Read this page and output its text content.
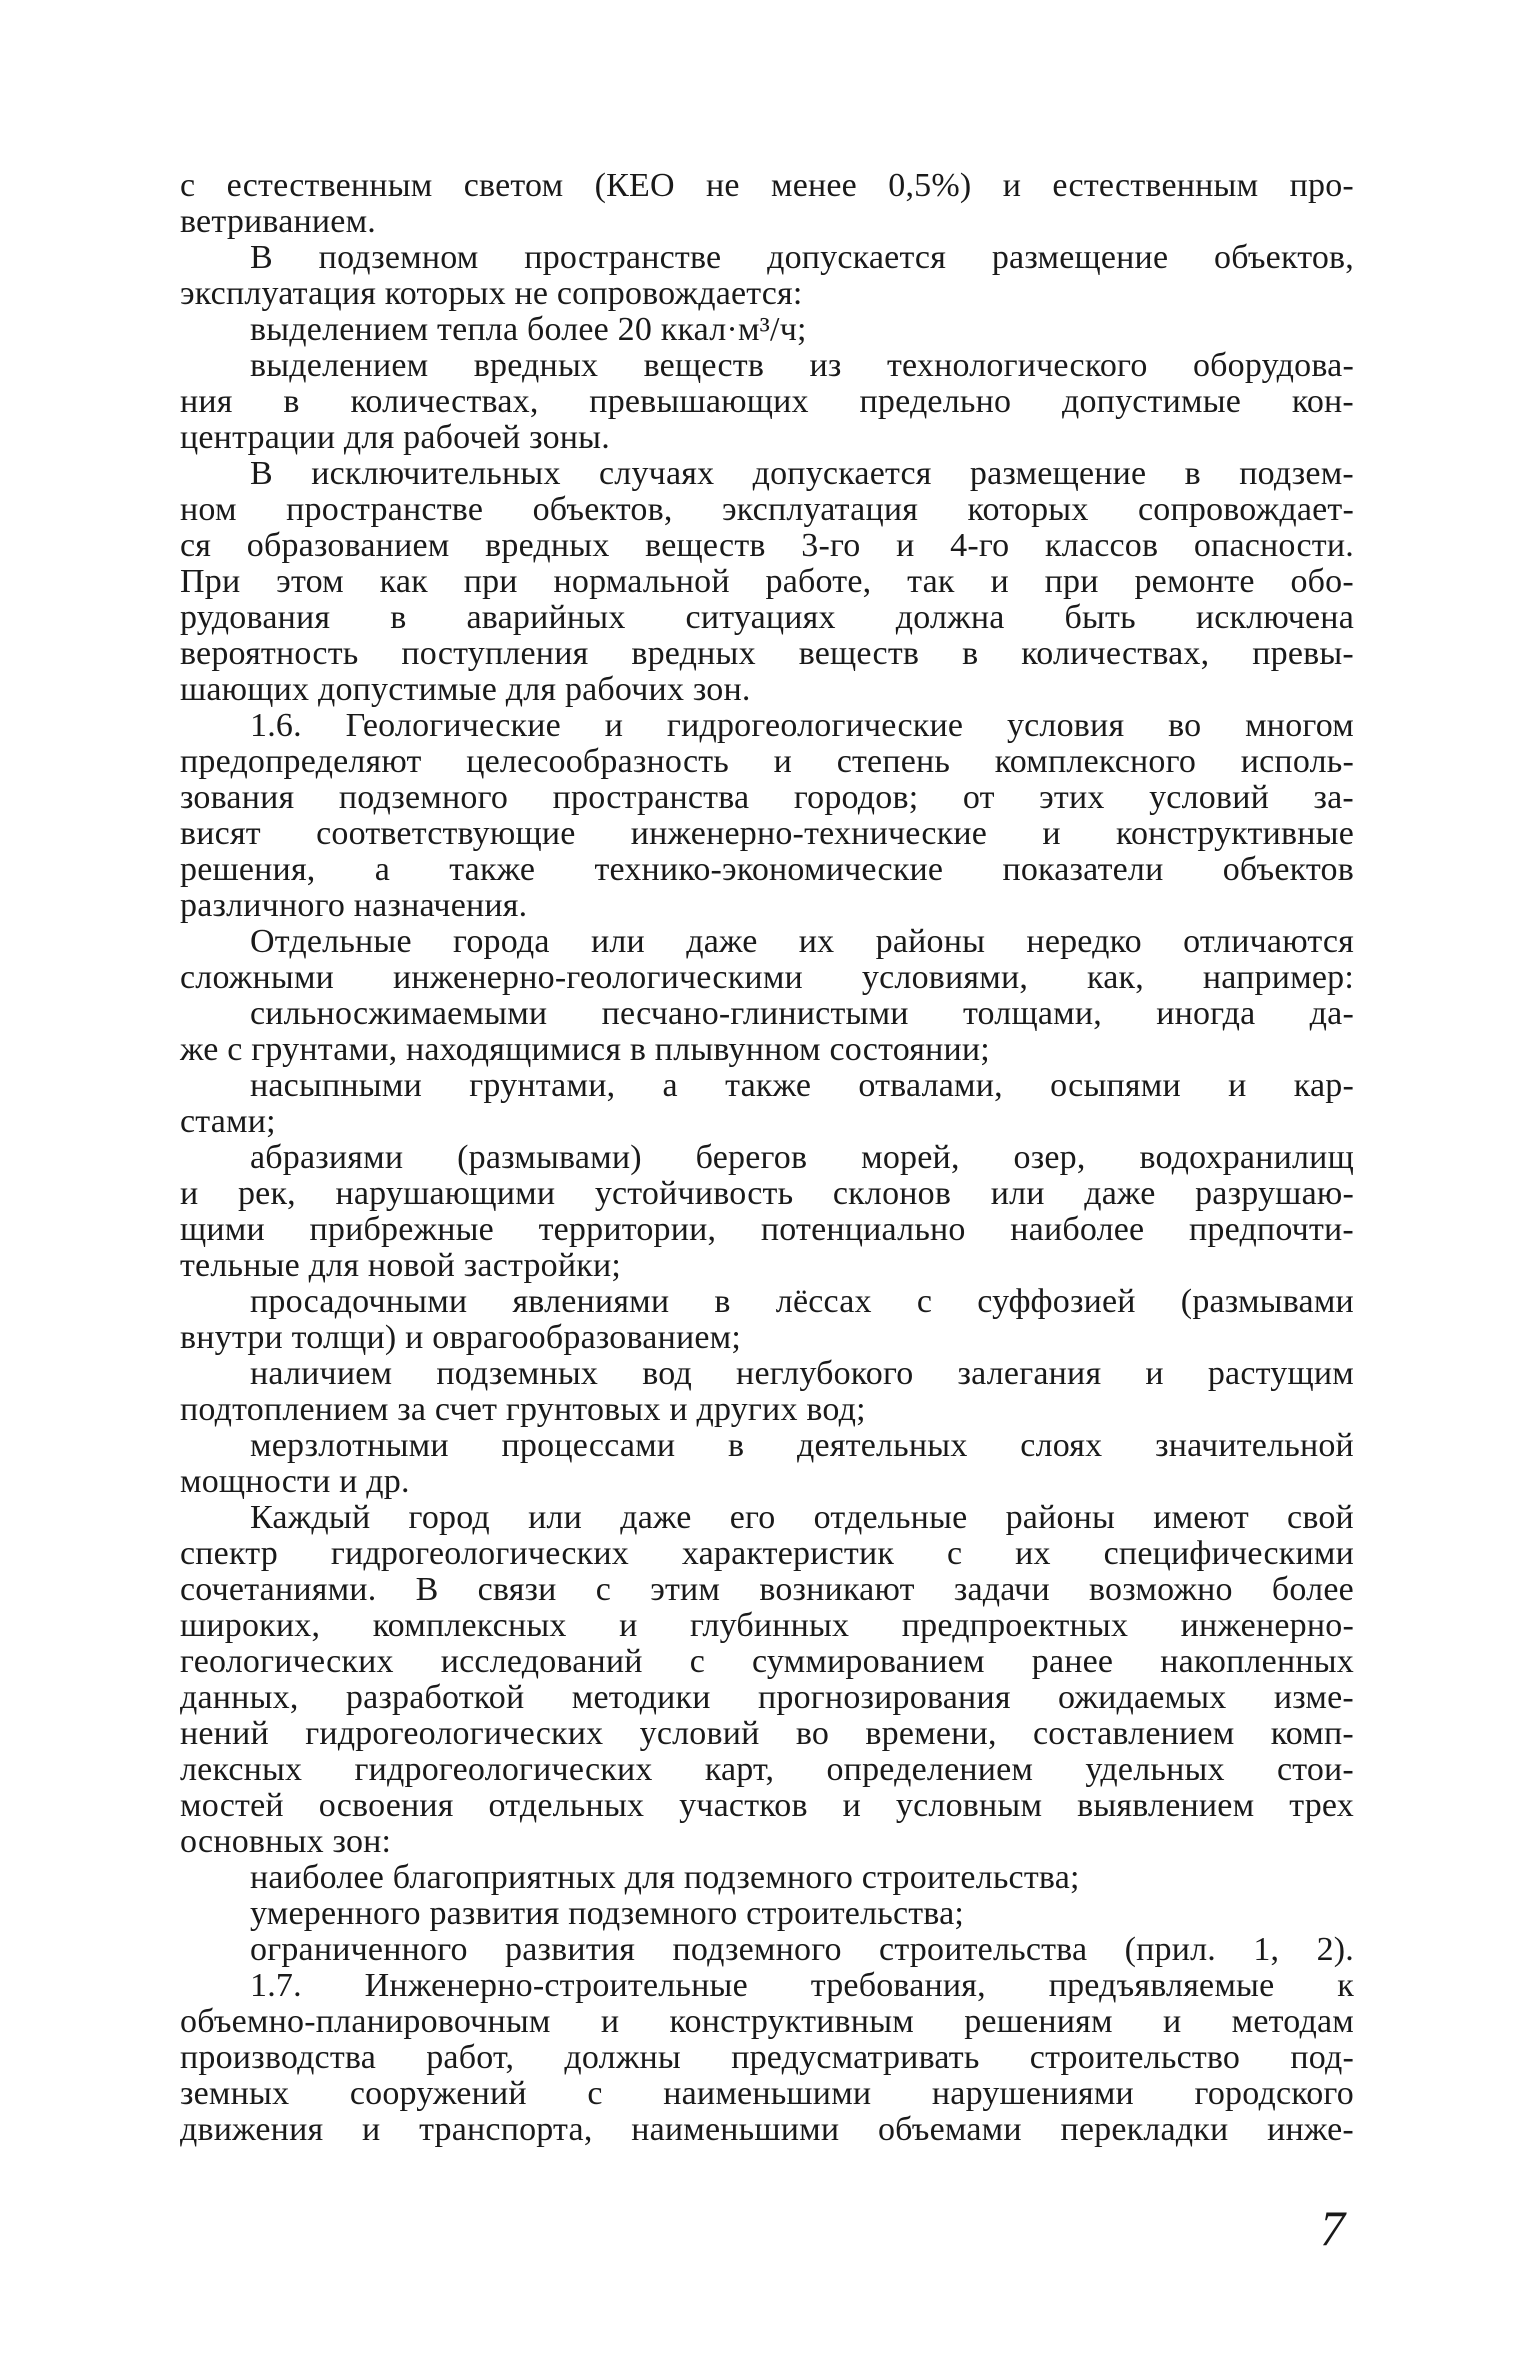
с естественным светом (КЕО не менее 0,5%) и естественным про-
ветриванием.
В подземном пространстве допускается размещение объектов,
эксплуатация которых не сопровождается:
выделением тепла более 20 ккал·м³/ч;
выделением вредных веществ из технологического оборудова-
ния в количествах, превышающих предельно допустимые кон-
центрации для рабочей зоны.
В исключительных случаях допускается размещение в подзем-
ном пространстве объектов, эксплуатация которых сопровождает-
ся образованием вредных веществ 3-го и 4-го классов опасности.
При этом как при нормальной работе, так и при ремонте обо-
рудования в аварийных ситуациях должна быть исключена
вероятность поступления вредных веществ в количествах, превы-
шающих допустимые для рабочих зон.
1.6. Геологические и гидрогеологические условия во многом
предопределяют целесообразность и степень комплексного исполь-
зования подземного пространства городов; от этих условий за-
висят соответствующие инженерно-технические и конструктивные
решения, а также технико-экономические показатели объектов
различного назначения.
Отдельные города или даже их районы нередко отличаются
сложными инженерно-геологическими условиями, как, например:
сильносжимаемыми песчано-глинистыми толщами, иногда да-
же с грунтами, находящимися в плывунном состоянии;
насыпными грунтами, а также отвалами, осыпями и кар-
стами;
абразиями (размывами) берегов морей, озер, водохранилищ
и рек, нарушающими устойчивость склонов или даже разрушаю-
щими прибрежные территории, потенциально наиболее предпочти-
тельные для новой застройки;
просадочными явлениями в лёссах с суффозией (размывами
внутри толщи) и оврагообразованием;
наличием подземных вод неглубокого залегания и растущим
подтоплением за счет грунтовых и других вод;
мерзлотными процессами в деятельных слоях значительной
мощности и др.
Каждый город или даже его отдельные районы имеют свой
спектр гидрогеологических характеристик с их специфическими
сочетаниями. В связи с этим возникают задачи возможно более
широких, комплексных и глубинных предпроектных инженерно-
геологических исследований с суммированием ранее накопленных
данных, разработкой методики прогнозирования ожидаемых изме-
нений гидрогеологических условий во времени, составлением комп-
лексных гидрогеологических карт, определением удельных стои-
мостей освоения отдельных участков и условным выявлением трех
основных зон:
наиболее благоприятных для подземного строительства;
умеренного развития подземного строительства;
ограниченного развития подземного строительства (прил. 1, 2).
1.7. Инженерно-строительные требования, предъявляемые к
объемно-планировочным и конструктивным решениям и методам
производства работ, должны предусматривать строительство под-
земных сооружений с наименьшими нарушениями городского
движения и транспорта, наименьшими объемами перекладки инже-
7
